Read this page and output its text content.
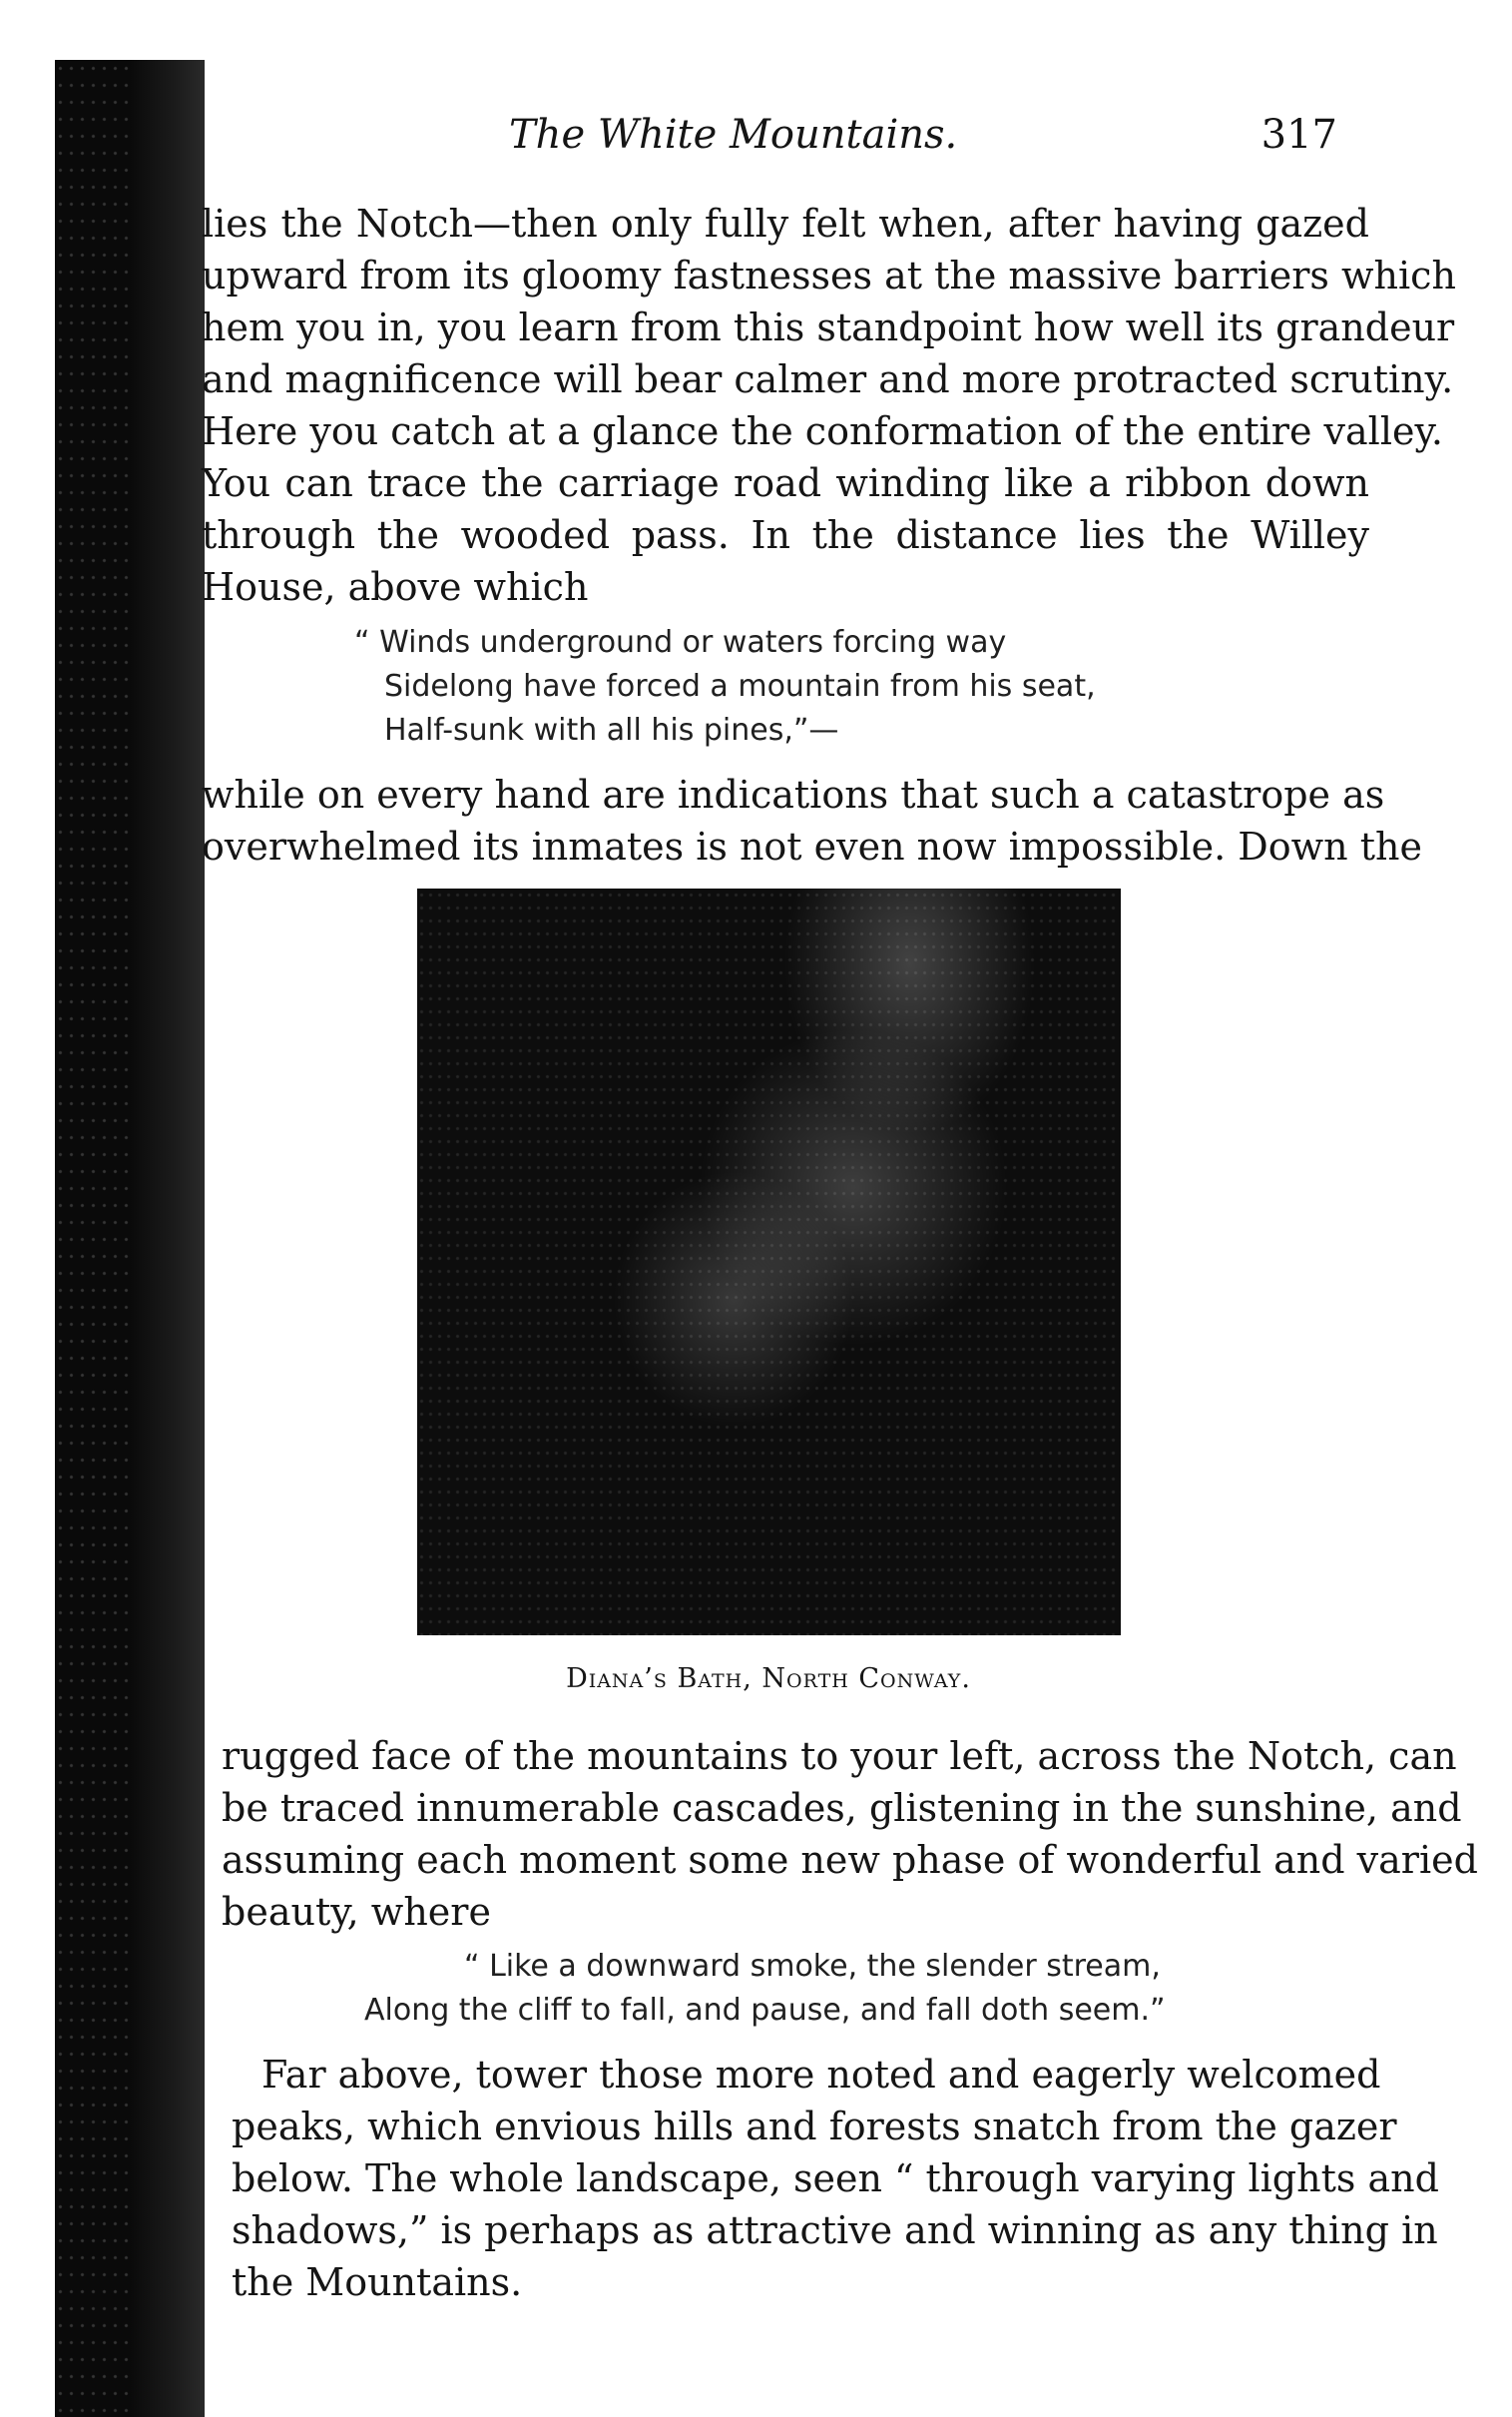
The White Mountains.	317
lies the Notch—then only fully felt when, after having gazed
upward from its gloomy fastnesses at the massive barriers which
hem you in, you learn from this standpoint how well its grandeur
and magnificence will bear calmer and more protracted scrutiny.
Here you catch at a glance the conformation of the entire valley.
You can trace the carriage road winding like a ribbon down
through the wooded pass. In the distance lies the Willey
House, above which
“ Winds underground or waters forcing way
Sidelong have forced a mountain from his seat,
Half-sunk with all his pines,”—
while on every hand are indications that such a catastrope as
overwhelmed its inmates is not even now impossible. Down the
Diana’s Bath, North Conway.
rugged face of the mountains to your left, across the Notch, can
be traced innumerable cascades, glistening in the sunshine, and
assuming each moment some new phase of wonderful and varied
beauty, where
“ Like a downward smoke, the slender stream,
Along the cliff to fall, and pause, and fall doth seem.”
Far above, tower those more noted and eagerly welcomed
peaks, which envious hills and forests snatch from the gazer
below. The whole landscape, seen “ through varying lights and
shadows,” is perhaps as attractive and winning as any thing in
the Mountains.
